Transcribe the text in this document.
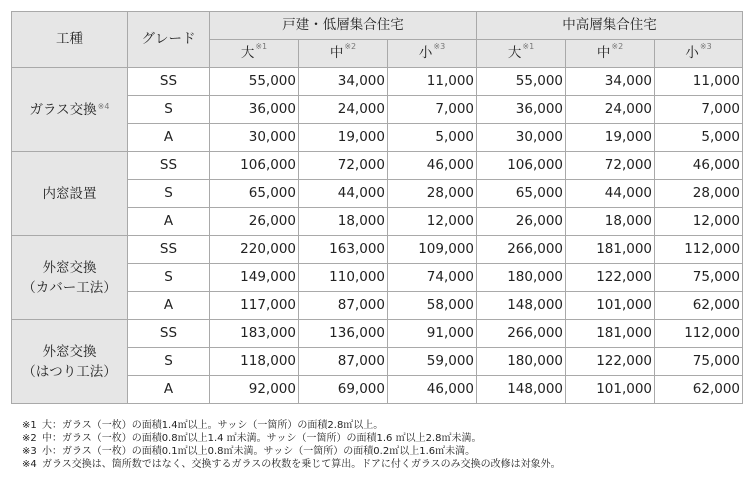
工種	グレード	戸建・低層集合住宅			中高層集合住宅		
		大$^{※1}$	中$^{※2}$	小$^{※3}$	大$^{※1}$	中$^{※2}$	小$^{※3}$

ガラス交換$^{※4}$	SS	55,000	34,000	11,000	55,000	34,000	11,000
	S	36,000	24,000	7,000	36,000	24,000	7,000
	A	30,000	19,000	5,000	30,000	19,000	5,000

内窓設置	SS	106,000	72,000	46,000	106,000	72,000	46,000
	S	65,000	44,000	28,000	65,000	44,000	28,000
	A	26,000	18,000	12,000	26,000	18,000	12,000

外窓交換
（カバー工法）	SS	220,000	163,000	109,000	266,000	181,000	112,000
	S	149,000	110,000	74,000	180,000	122,000	75,000
	A	117,000	87,000	58,000	148,000	101,000	62,000

外窓交換
（はつり工法）	SS	183,000	136,000	91,000	266,000	181,000	112,000
	S	118,000	87,000	59,000	180,000	122,000	75,000
	A	92,000	69,000	46,000	148,000	101,000	62,000
※1 大：ガラス（一枚）の面積1.4㎡以上。サッシ（一箇所）の面積2.8㎡以上。
※2 中：ガラス（一枚）の面積0.8㎡以上1.4 ㎡未満。サッシ（一箇所）の面積1.6 ㎡以上2.8㎡未満。
※3 小：ガラス（一枚）の面積0.1㎡以上0.8㎡未満。サッシ（一箇所）の面積0.2㎡以上1.6㎡未満。
※4 ガラス交換は、箇所数ではなく、交換するガラスの枚数を乗じて算出。ドアに付くガラスのみ交換の改修は対象外。
